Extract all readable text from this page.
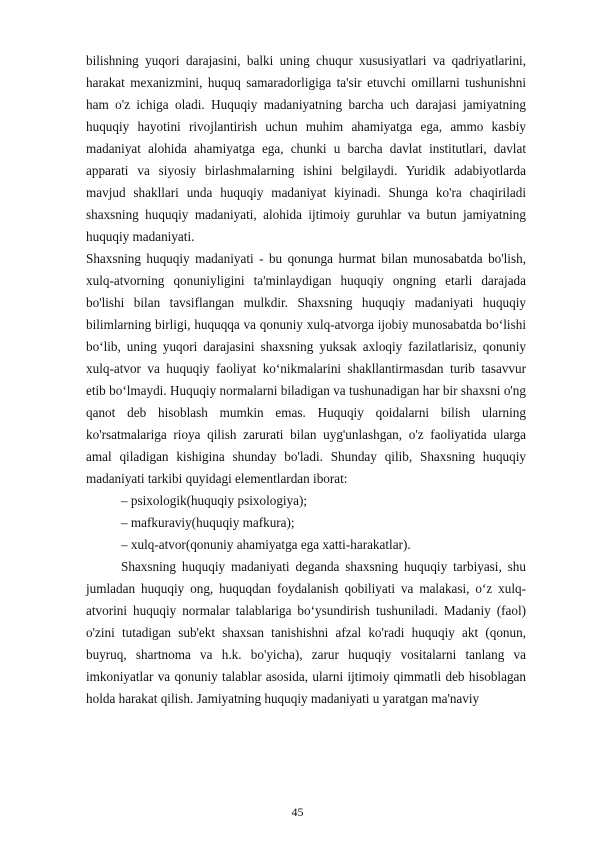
bilishning yuqori darajasini, balki uning chuqur xususiyatlari va qadriyatlarini, harakat mexanizmini, huquq samaradorligiga ta'sir etuvchi omillarni tushunishni ham o'z ichiga oladi. Huquqiy madaniyatning barcha uch darajasi jamiyatning huquqiy hayotini rivojlantirish uchun muhim ahamiyatga ega, ammo kasbiy madaniyat alohida ahamiyatga ega, chunki u barcha davlat institutlari, davlat apparati va siyosiy birlashmalarning ishini belgilaydi. Yuridik adabiyotlarda mavjud shakllari unda huquqiy madaniyat kiyinadi. Shunga ko'ra chaqiriladi shaxsning huquqiy madaniyati, alohida ijtimoiy guruhlar va butun jamiyatning huquqiy madaniyati.

Shaxsning huquqiy madaniyati - bu qonunga hurmat bilan munosabatda bo'lish, xulq-atvorning qonuniyligini ta'minlaydigan huquqiy ongning etarli darajada bo'lishi bilan tavsiflangan mulkdir. Shaxsning huquqiy madaniyati huquqiy bilimlarning birligi, huquqqa va qonuniy xulq-atvorga ijobiy munosabatda bo‘lishi bo‘lib, uning yuqori darajasini shaxsning yuksak axloqiy fazilatlarisiz, qonuniy xulq-atvor va huquqiy faoliyat ko‘nikmalarini shakllantirmasdan turib tasavvur etib bo‘lmaydi. Huquqiy normalarni biladigan va tushunadigan har bir shaxsni o'ng qanot deb hisoblash mumkin emas. Huquqiy qoidalarni bilish ularning ko'rsatmalariga rioya qilish zarurati bilan uyg'unlashgan, o'z faoliyatida ularga amal qiladigan kishigina shunday bo'ladi. Shunday qilib, Shaxsning huquqiy madaniyati tarkibi quyidagi elementlardan iborat:

– psixologik(huquqiy psixologiya);
– mafkuraviy(huquqiy mafkura);
– xulq-atvor(qonuniy ahamiyatga ega xatti-harakatlar).

Shaxsning huquqiy madaniyati deganda shaxsning huquqiy tarbiyasi, shu jumladan huquqiy ong, huquqdan foydalanish qobiliyati va malakasi, o‘z xulq-atvorini huquqiy normalar talablariga bo‘ysundirish tushuniladi. Madaniy (faol) o'zini tutadigan sub'ekt shaxsan tanishishni afzal ko'radi huquqiy akt (qonun, buyruq, shartnoma va h.k. bo'yicha), zarur huquqiy vositalarni tanlang va imkoniyatlar va qonuniy talablar asosida, ularni ijtimoiy qimmatli deb hisoblagan holda harakat qilish. Jamiyatning huquqiy madaniyati u yaratgan ma'naviy

45
